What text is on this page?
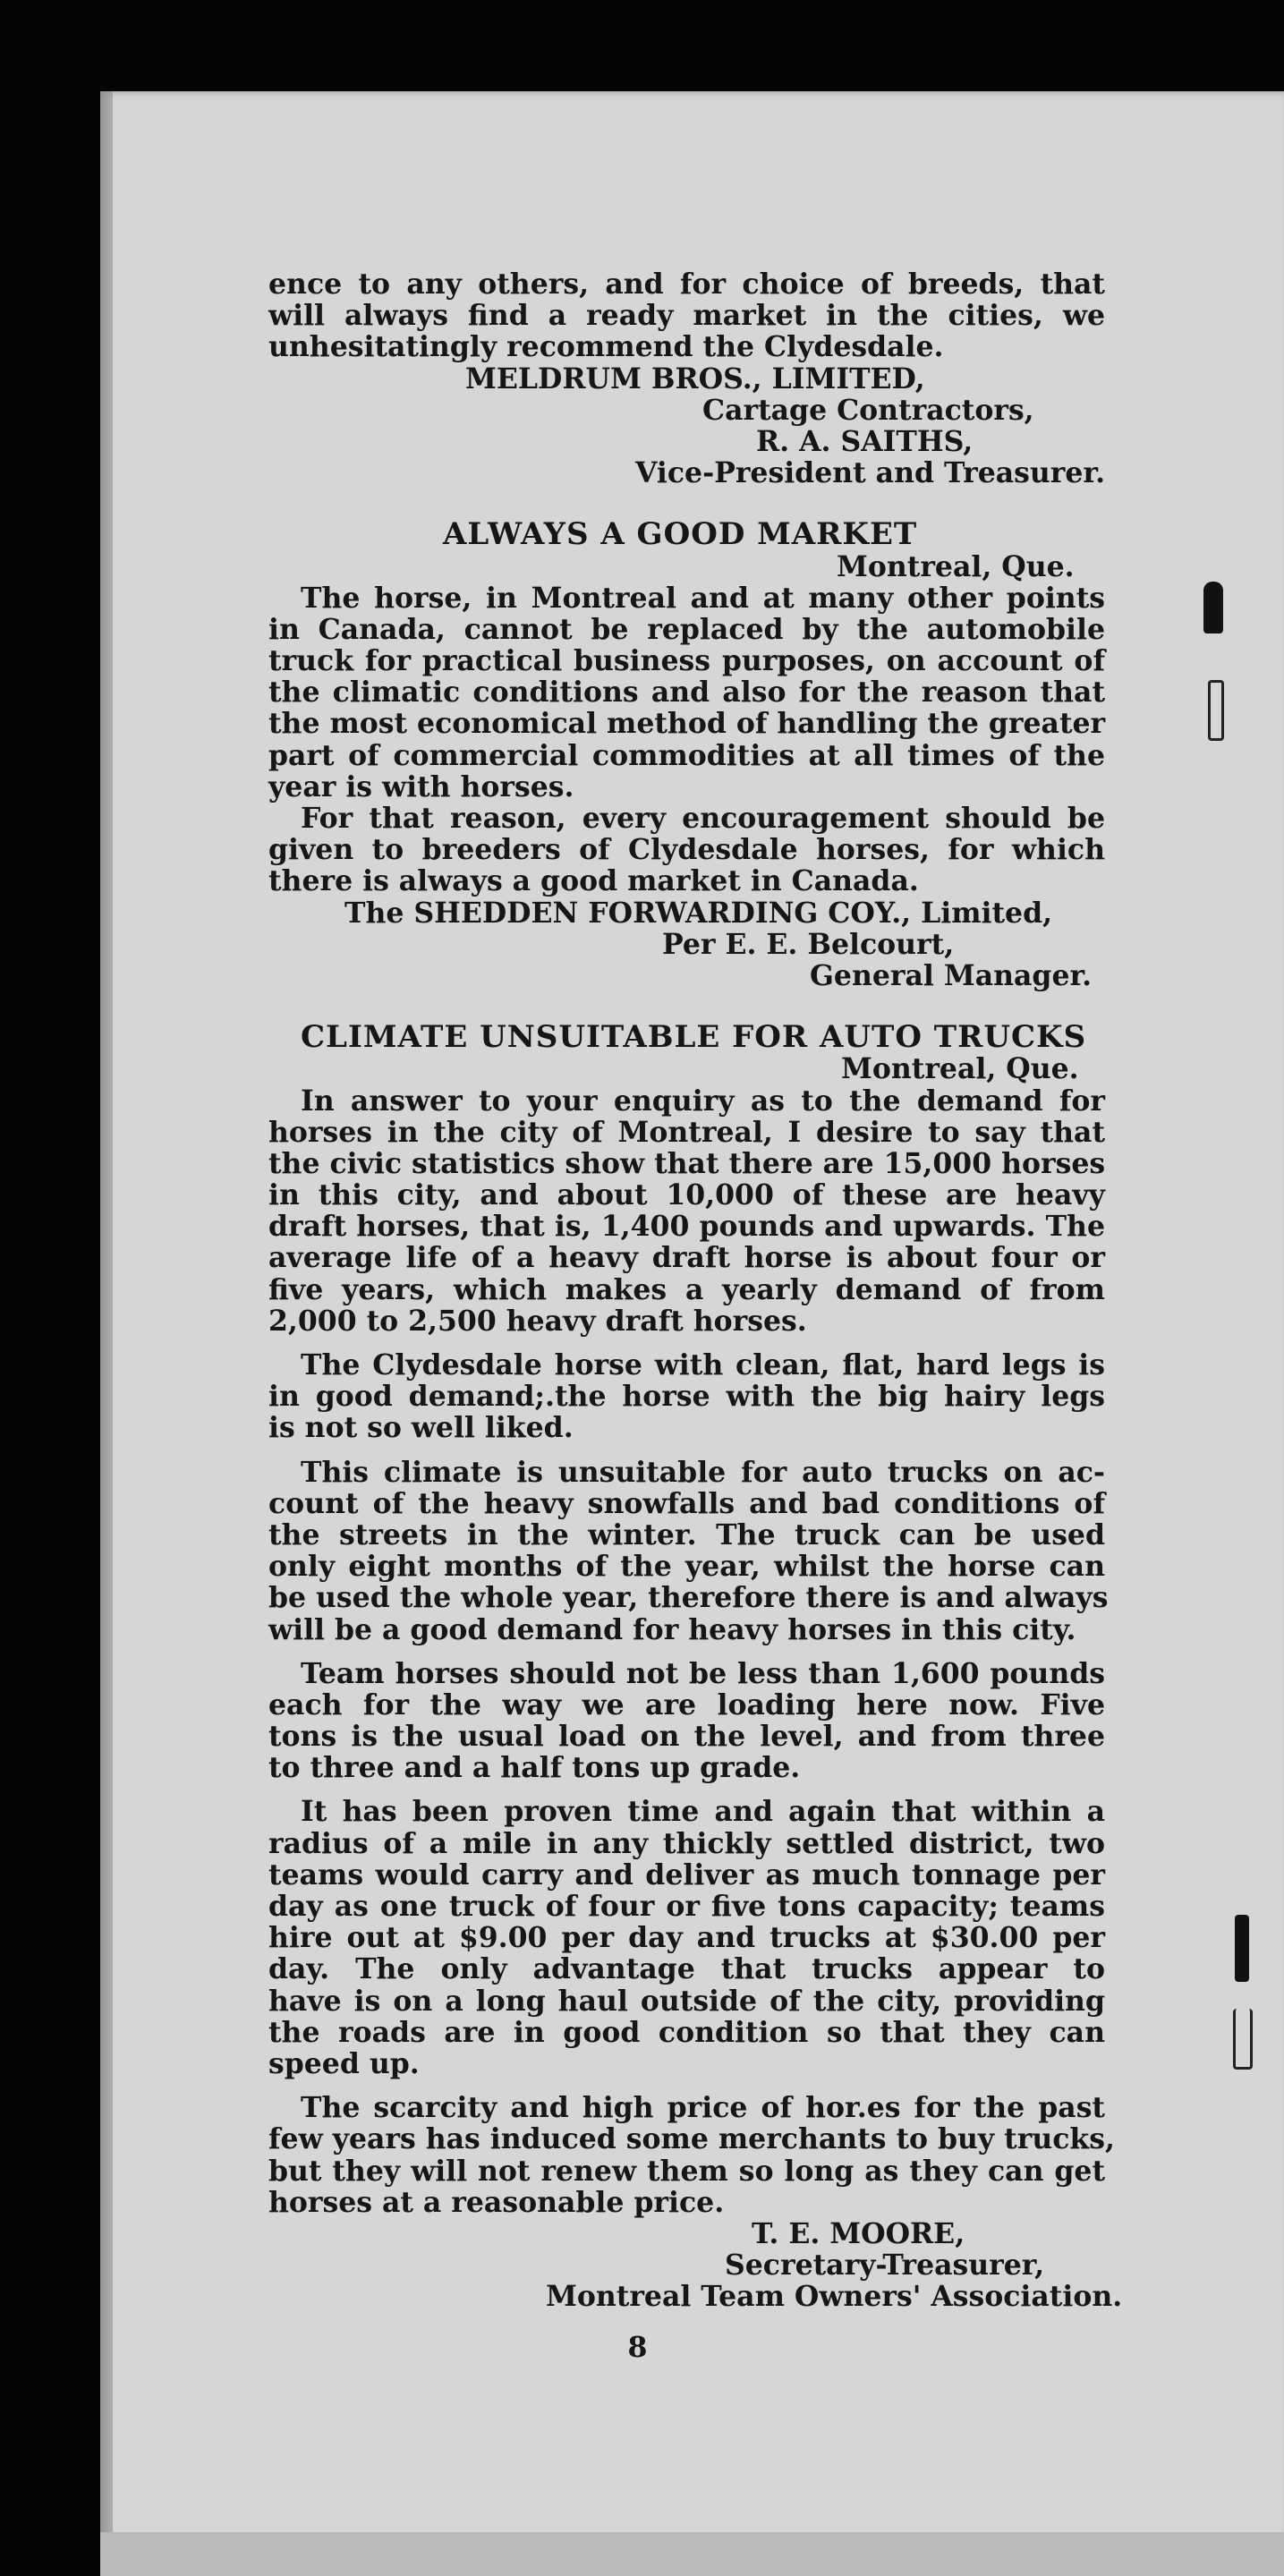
ence to any others, and for choice of breeds, that
will always find a ready market in the cities, we
unhesitatingly recommend the Clydesdale.
MELDRUM BROS., LIMITED,
Cartage Contractors,
R. A. SAITHS,
Vice-President and Treasurer.
ALWAYS A GOOD MARKET
Montreal, Que.
The horse, in Montreal and at many other points
in Canada, cannot be replaced by the automobile
truck for practical business purposes, on account of
the climatic conditions and also for the reason that
the most economical method of handling the greater
part of commercial commodities at all times of the
year is with horses.
For that reason, every encouragement should be
given to breeders of Clydesdale horses, for which
there is always a good market in Canada.
The SHEDDEN FORWARDING COY., Limited,
Per E. E. Belcourt,
General Manager.
CLIMATE UNSUITABLE FOR AUTO TRUCKS
Montreal, Que.
In answer to your enquiry as to the demand for
horses in the city of Montreal, I desire to say that
the civic statistics show that there are 15,000 horses
in this city, and about 10,000 of these are heavy
draft horses, that is, 1,400 pounds and upwards. The
average life of a heavy draft horse is about four or
five years, which makes a yearly demand of from
2,000 to 2,500 heavy draft horses.
The Clydesdale horse with clean, flat, hard legs is
in good demand;.the horse with the big hairy legs
is not so well liked.
This climate is unsuitable for auto trucks on ac-
count of the heavy snowfalls and bad conditions of
the streets in the winter. The truck can be used
only eight months of the year, whilst the horse can
be used the whole year, therefore there is and always
will be a good demand for heavy horses in this city.
Team horses should not be less than 1,600 pounds
each for the way we are loading here now. Five
tons is the usual load on the level, and from three
to three and a half tons up grade.
It has been proven time and again that within a
radius of a mile in any thickly settled district, two
teams would carry and deliver as much tonnage per
day as one truck of four or five tons capacity; teams
hire out at $9.00 per day and trucks at $30.00 per
day. The only advantage that trucks appear to
have is on a long haul outside of the city, providing
the roads are in good condition so that they can
speed up.
The scarcity and high price of hor.es for the past
few years has induced some merchants to buy trucks,
but they will not renew them so long as they can get
horses at a reasonable price.
T. E. MOORE,
Secretary-Treasurer,
Montreal Team Owners' Association.
8
